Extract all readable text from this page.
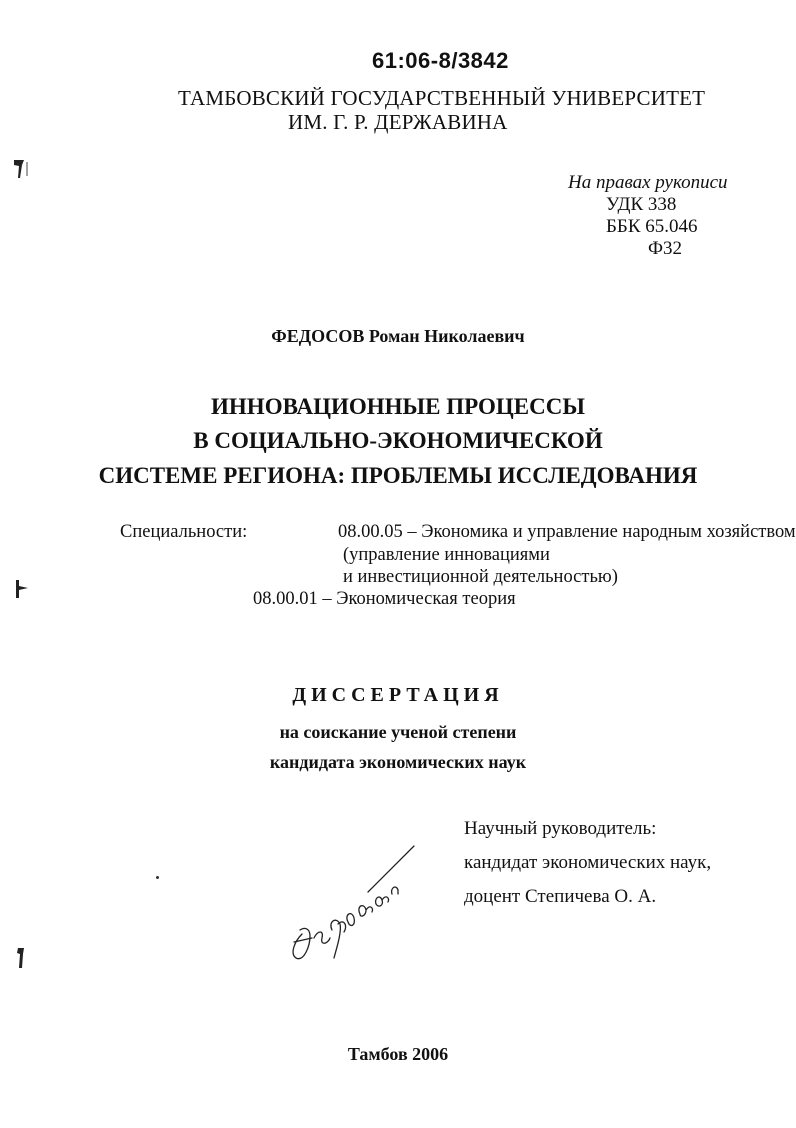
61:06-8/3842
ТАМБОВСКИЙ ГОСУДАРСТВЕННЫЙ УНИВЕРСИТЕТ
ИМ. Г. Р. ДЕРЖАВИНА
На правах рукописи
УДК 338
ББК 65.046
Ф32
ФЕДОСОВ Роман Николаевич
ИННОВАЦИОННЫЕ ПРОЦЕССЫ
В СОЦИАЛЬНО-ЭКОНОМИЧЕСКОЙ
СИСТЕМЕ РЕГИОНА: ПРОБЛЕМЫ ИССЛЕДОВАНИЯ
Специальности:	08.00.05 – Экономика и управление народным хозяйством
(управление инновациями
и инвестиционной деятельностью)
08.00.01 – Экономическая теория
ДИССЕРТАЦИЯ
на соискание ученой степени
кандидата экономических наук
Научный руководитель:
кандидат экономических наук,
доцент Степичева О. А.
Тамбов 2006
